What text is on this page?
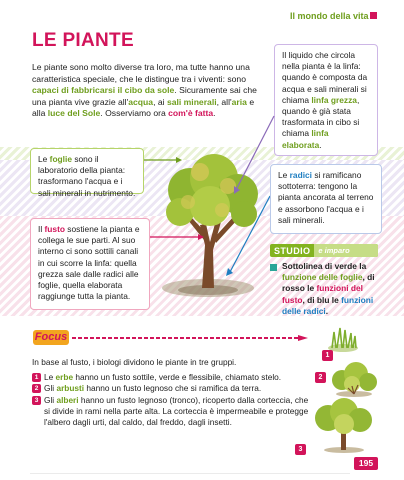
Il mondo della vita
LE PIANTE
Le piante sono molto diverse tra loro, ma tutte hanno una caratteristica speciale, che le distingue tra i viventi: sono capaci di fabbricarsi il cibo da sole. Sicuramente sai che una pianta vive grazie all'acqua, ai sali minerali, all'aria e alla luce del Sole. Osserviamo ora com'è fatta.
Il liquido che circola nella pianta è la linfa: quando è composta da acqua e sali minerali si chiama linfa grezza, quando è già stata trasformata in cibo si chiama linfa elaborata.
Le foglie sono il laboratorio della pianta: trasformano l'acqua e i sali minerali in nutrimento.
Le radici si ramificano sottoterra: tengono la pianta ancorata al terreno e assorbono l'acqua e i sali minerali.
Il fusto sostiene la pianta e collega le sue parti. Al suo interno ci sono sottili canali in cui scorre la linfa: quella grezza sale dalle radici alle foglie, quella elaborata raggiunge tutta la pianta.
STUDIO	e imparo
Sottolinea di verde la funzione delle foglie, di rosso le funzioni del fusto, di blu le funzioni delle radici.
Focus
In base al fusto, i biologi dividono le piante in tre gruppi.
1 Le erbe hanno un fusto sottile, verde e flessibile, chiamato stelo.
2 Gli arbusti hanno un fusto legnoso che si ramifica da terra.
3 Gli alberi hanno un fusto legnoso (tronco), ricoperto dalla corteccia, che si divide in rami nella parte alta. La corteccia è impermeabile e protegge l'albero dagli urti, dal caldo, dal freddo, dagli insetti.
1
2
3
195
